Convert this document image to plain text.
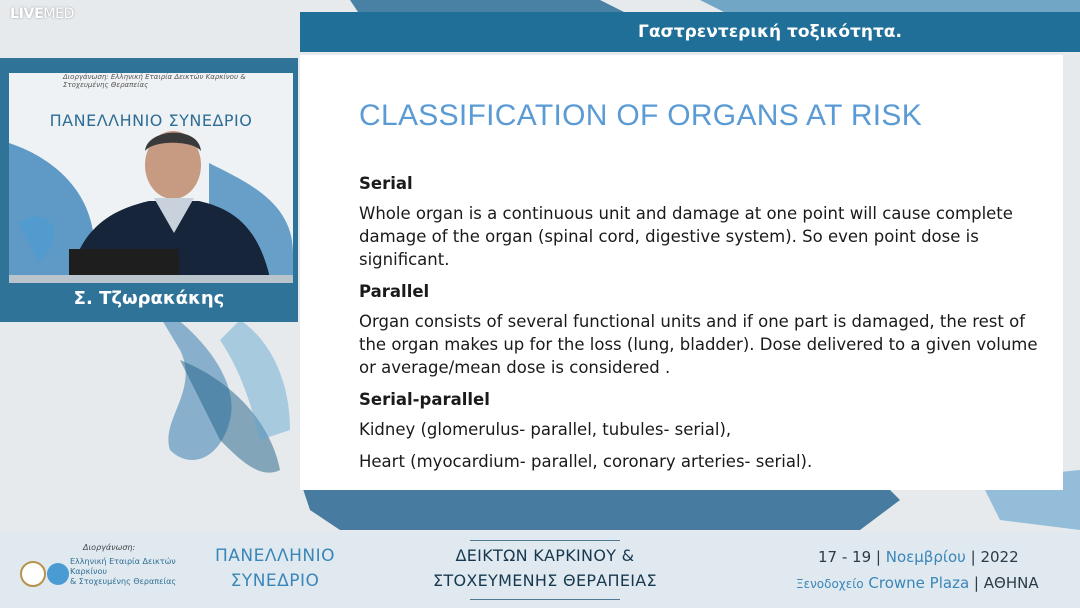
LIVEMED
Γαστρεντερική τοξικότητα.
Διοργάνωση: Ελληνική Εταιρία Δεικτών Καρκίνου & Στοχευμένης Θεραπείας
ΠΑΝΕΛΛΗΝΙΟ ΣΥΝΕΔΡΙΟ
Σ. Τζωρακάκης
CLASSIFICATION OF ORGANS AT RISK
Serial
Whole organ is a continuous unit and damage at one point will cause complete damage of the organ (spinal cord, digestive system). So even point dose is significant.
Parallel
Organ consists of several functional units and if one part is damaged, the rest of the organ makes up for the loss (lung, bladder). Dose delivered to a given volume or average/mean dose is considered .
Serial-parallel
Kidney (glomerulus- parallel, tubules- serial),
Heart (myocardium- parallel, coronary arteries- serial).
Διοργάνωση:
Ελληνική Εταιρία Δεικτών Καρκίνου
& Στοχευμένης Θεραπείας
ΠΑΝΕΛΛΗΝΙΟ
ΣΥΝΕΔΡΙΟ
ΔΕΙΚΤΩΝ ΚΑΡΚΙΝΟΥ &
ΣΤΟΧΕΥΜΕΝΗΣ ΘΕΡΑΠΕΙΑΣ
17 - 19 | Νοεμβρίου | 2022
Ξενοδοχείο Crowne Plaza | ΑΘΗΝΑ
